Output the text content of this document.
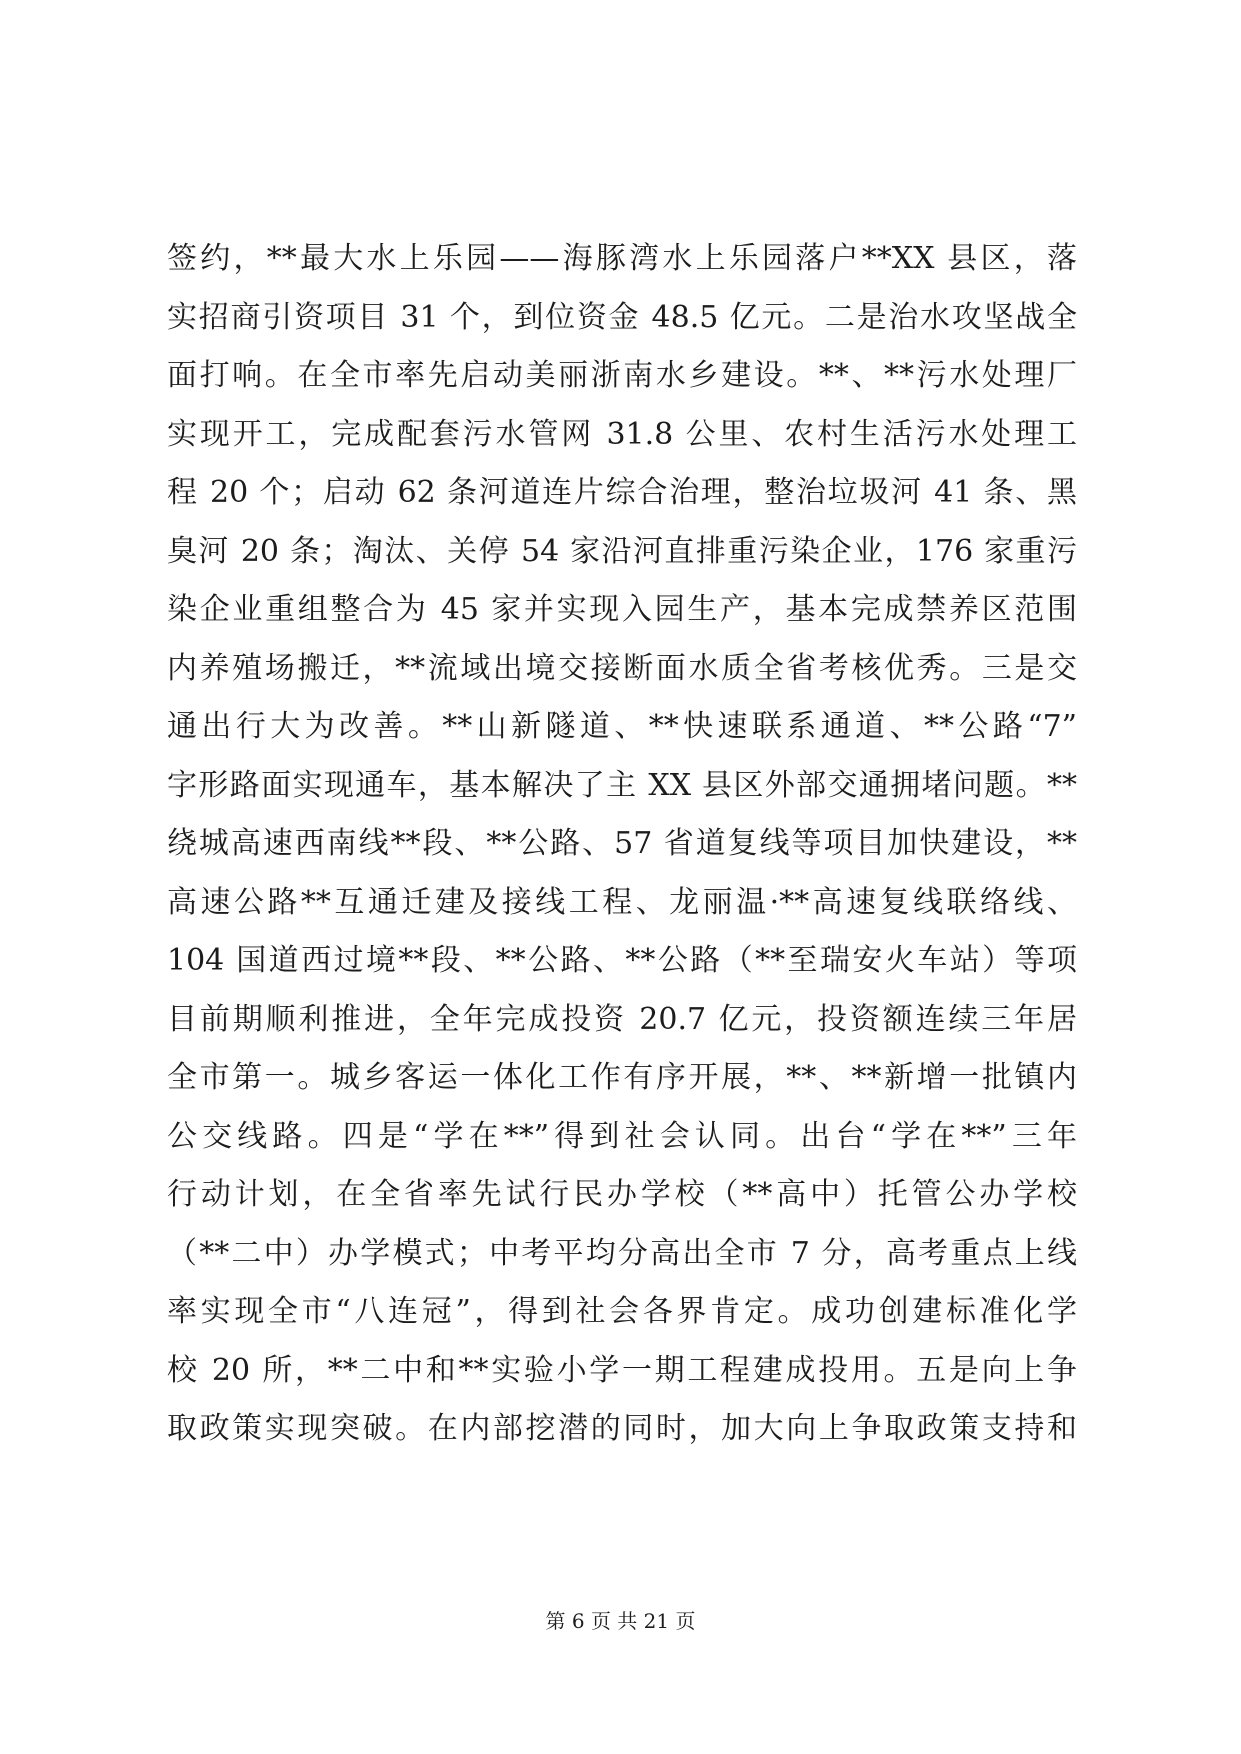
签约，**最大水上乐园——海豚湾水上乐园落户**XX 县区，落
实招商引资项目 31 个，到位资金 48.5 亿元。二是治水攻坚战全
面打响。在全市率先启动美丽浙南水乡建设。**、**污水处理厂
实现开工，完成配套污水管网 31.8 公里、农村生活污水处理工
程 20 个；启动 62 条河道连片综合治理，整治垃圾河 41 条、黑
臭河 20 条；淘汰、关停 54 家沿河直排重污染企业，176 家重污
染企业重组整合为 45 家并实现入园生产，基本完成禁养区范围
内养殖场搬迁，**流域出境交接断面水质全省考核优秀。三是交
通出行大为改善。**山新隧道、**快速联系通道、**公路“7”
字形路面实现通车，基本解决了主 XX 县区外部交通拥堵问题。**
绕城高速西南线**段、**公路、57 省道复线等项目加快建设，**
高速公路**互通迁建及接线工程、龙丽温·**高速复线联络线、
104 国道西过境**段、**公路、**公路（**至瑞安火车站）等项
目前期顺利推进，全年完成投资 20.7 亿元，投资额连续三年居
全市第一。城乡客运一体化工作有序开展，**、**新增一批镇内
公交线路。四是“学在**”得到社会认同。出台“学在**”三年
行动计划，在全省率先试行民办学校（**高中）托管公办学校
（**二中）办学模式；中考平均分高出全市 7 分，高考重点上线
率实现全市“八连冠”，得到社会各界肯定。成功创建标准化学
校 20 所，**二中和**实验小学一期工程建成投用。五是向上争
取政策实现突破。在内部挖潜的同时，加大向上争取政策支持和
第 6 页 共 21 页
